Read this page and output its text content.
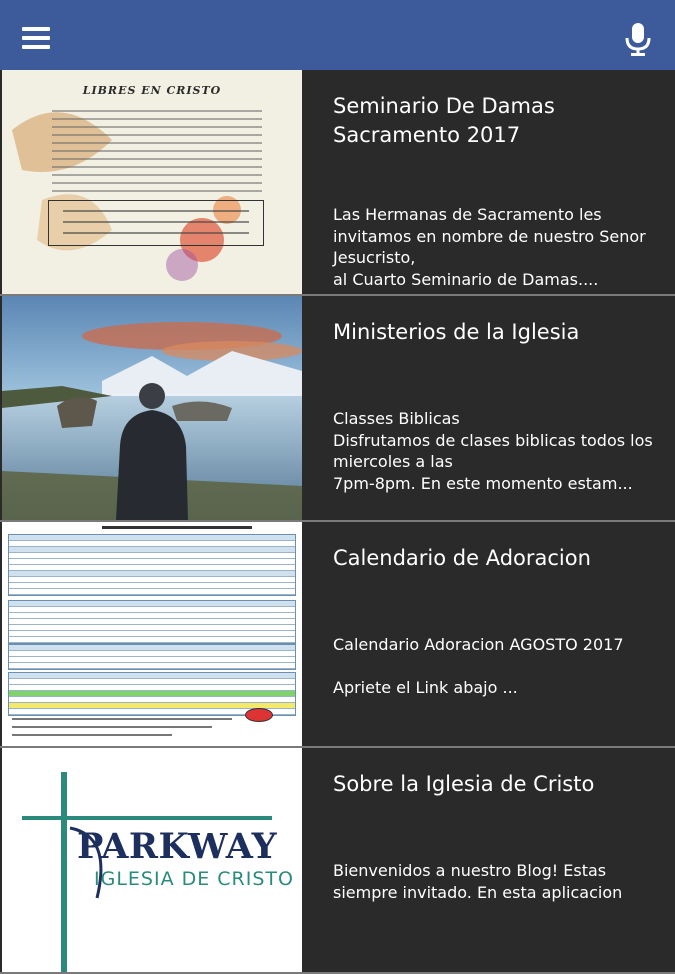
LIBRES EN CRISTO
Seminario De Damas Sacramento 2017
Las Hermanas de Sacramento les invitamos en nombre de nuestro Senor Jesucristo,
al Cuarto Seminario de Damas....
Ministerios de la Iglesia
Classes Biblicas
Disfrutamos de clases biblicas todos los miercoles a las
7pm-8pm. En este momento estam...
Calendario de Adoracion
Calendario Adoracion AGOSTO 2017

Apriete el Link abajo ...
PARKWAY
IGLESIA DE CRISTO
Sobre la Iglesia de Cristo
Bienvenidos a nuestro Blog! Estas siempre invitado. En esta aplicacion
